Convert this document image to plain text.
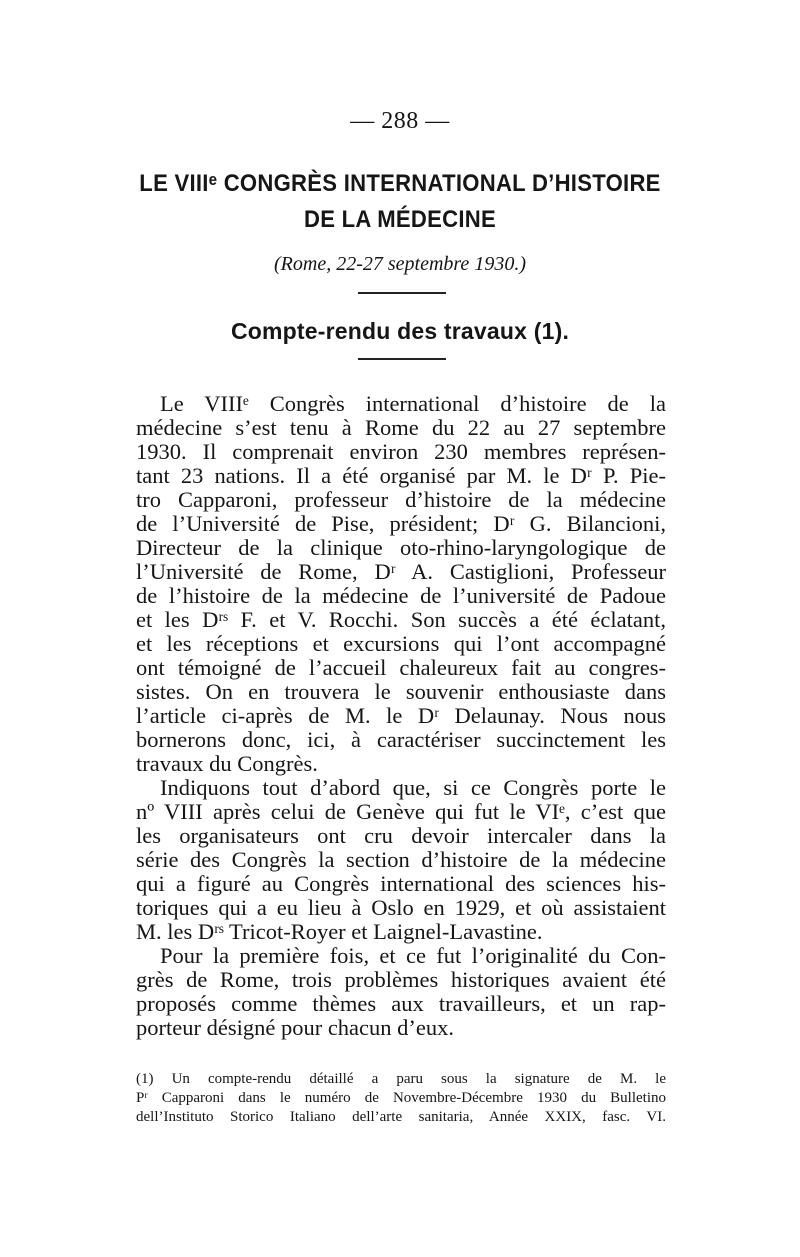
— 288 —
LE VIIIᵉ CONGRÈS INTERNATIONAL D’HISTOIRE
DE LA MÉDECINE
(Rome, 22-27 septembre 1930.)
Compte-rendu des travaux (1).
Le VIIIᵉ Congrès international d’histoire de la
médecine s’est tenu à Rome du 22 au 27 septembre
1930. Il comprenait environ 230 membres représen-
tant 23 nations. Il a été organisé par M. le Dʳ P. Pie-
tro Capparoni, professeur d’histoire de la médecine
de l’Université de Pise, président; Dʳ G. Bilancioni,
Directeur de la clinique oto-rhino-laryngologique de
l’Université de Rome, Dʳ A. Castiglioni, Professeur
de l’histoire de la médecine de l’université de Padoue
et les Dʳˢ F. et V. Rocchi. Son succès a été éclatant,
et les réceptions et excursions qui l’ont accompagné
ont témoigné de l’accueil chaleureux fait au congres-
sistes. On en trouvera le souvenir enthousiaste dans
l’article ci-après de M. le Dʳ Delaunay. Nous nous
bornerons donc, ici, à caractériser succinctement les
travaux du Congrès.
Indiquons tout d’abord que, si ce Congrès porte le
nº VIII après celui de Genève qui fut le VIᵉ, c’est que
les organisateurs ont cru devoir intercaler dans la
série des Congrès la section d’histoire de la médecine
qui a figuré au Congrès international des sciences his-
toriques qui a eu lieu à Oslo en 1929, et où assistaient
M. les Dʳˢ Tricot-Royer et Laignel-Lavastine.
Pour la première fois, et ce fut l’originalité du Con-
grès de Rome, trois problèmes historiques avaient été
proposés comme thèmes aux travailleurs, et un rap-
porteur désigné pour chacun d’eux.
(1) Un compte-rendu détaillé a paru sous la signature de M. le
Pʳ Capparoni dans le numéro de Novembre-Décembre 1930 du Bulletino
dell’Instituto Storico Italiano dell’arte sanitaria, Année XXIX, fasc. VI.
